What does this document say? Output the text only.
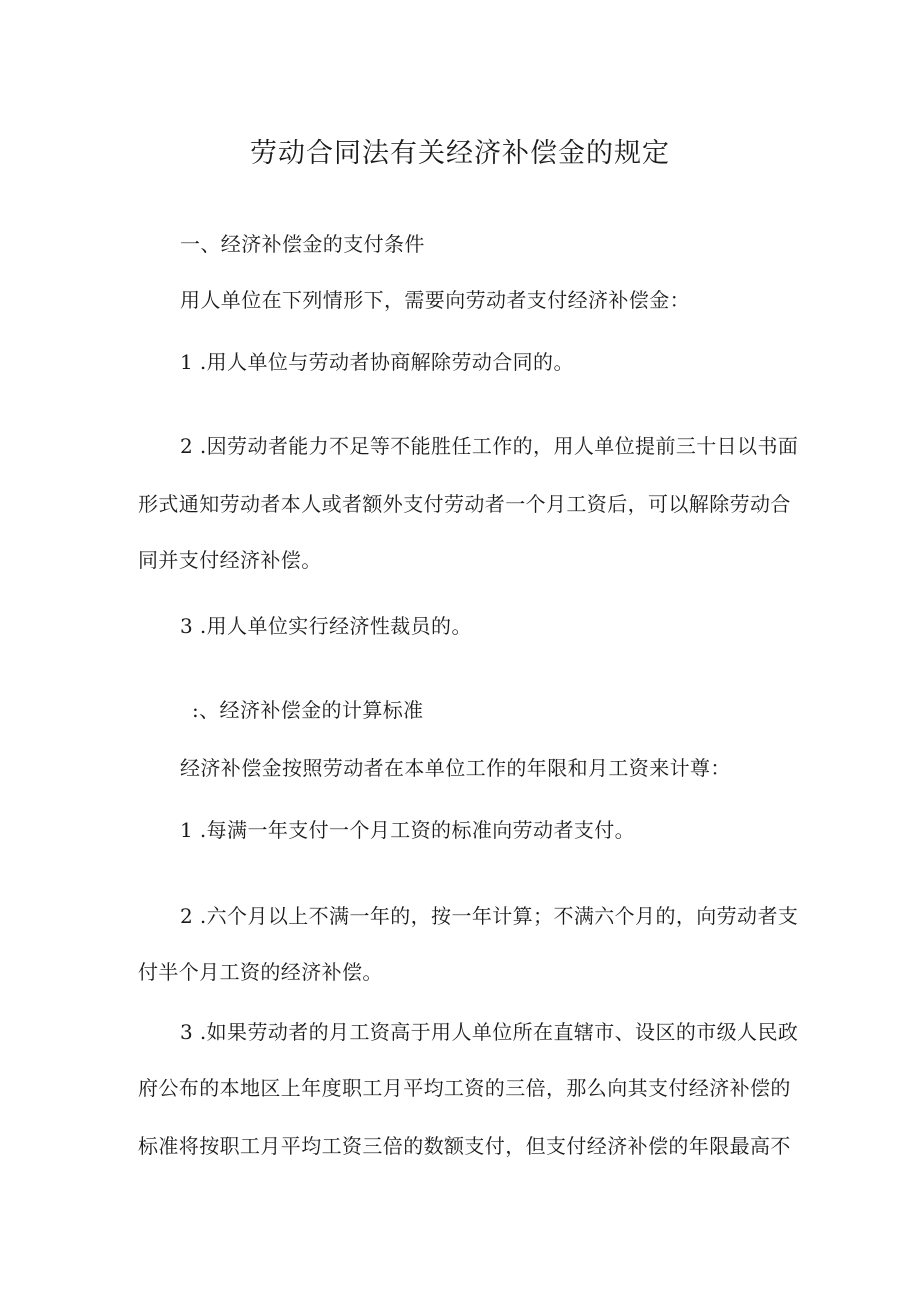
劳动合同法有关经济补偿金的规定
一、经济补偿金的支付条件
用人单位在下列情形下，需要向劳动者支付经济补偿金：
1 .用人单位与劳动者协商解除劳动合同的。
2 .因劳动者能力不足等不能胜任工作的，用人单位提前三十日以书面
形式通知劳动者本人或者额外支付劳动者一个月工资后，可以解除劳动合
同并支付经济补偿。
3 .用人单位实行经济性裁员的。
:、经济补偿金的计算标准
经济补偿金按照劳动者在本单位工作的年限和月工资来计尊：
1 .每满一年支付一个月工资的标准向劳动者支付。
2 .六个月以上不满一年的，按一年计算；不满六个月的，向劳动者支
付半个月工资的经济补偿。
3 .如果劳动者的月工资高于用人单位所在直辖市、设区的市级人民政
府公布的本地区上年度职工月平均工资的三倍，那么向其支付经济补偿的
标准将按职工月平均工资三倍的数额支付，但支付经济补偿的年限最高不
